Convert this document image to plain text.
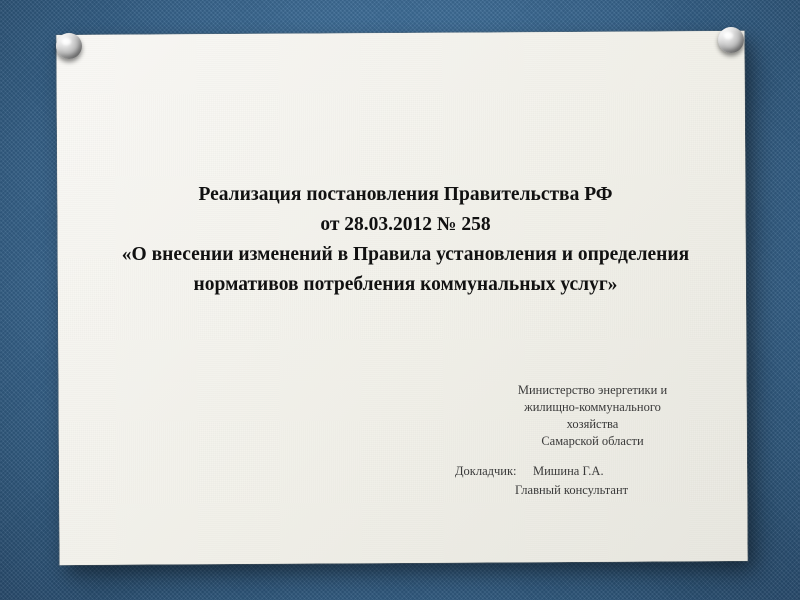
Реализация постановления Правительства РФ
от 28.03.2012 № 258
«О внесении изменений в Правила установления и определения нормативов потребления коммунальных услуг»
Министерство энергетики и
жилищно-коммунального
хозяйства
Самарской области
Докладчик: Мишина Г.А.
Главный консультант
